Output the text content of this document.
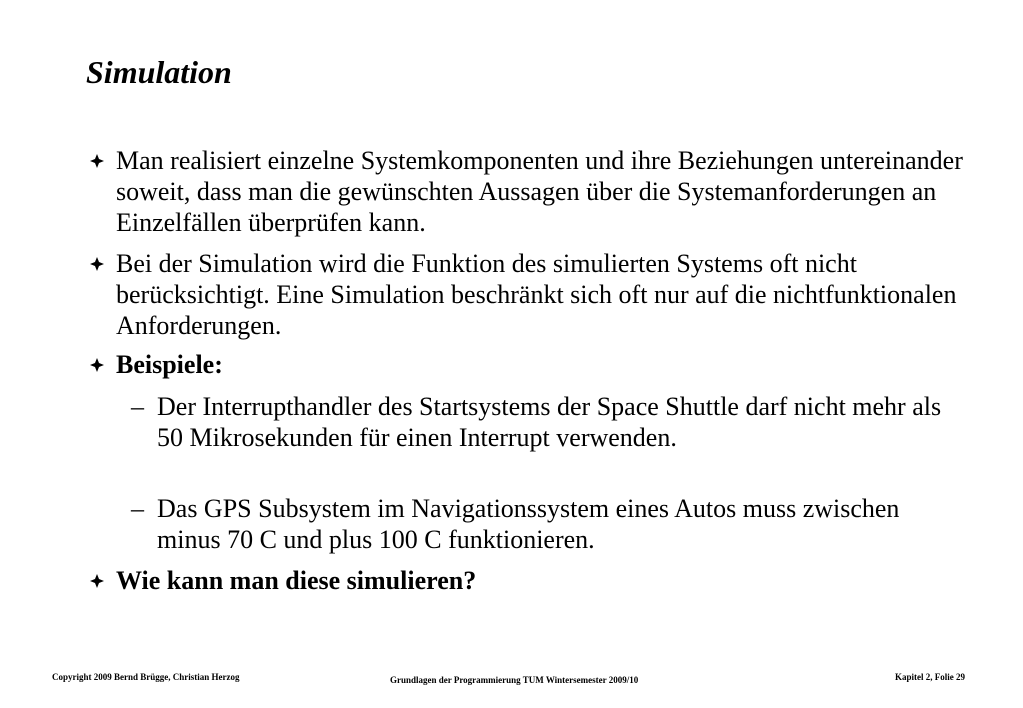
Simulation
Man realisiert einzelne Systemkomponenten und ihre Beziehungen untereinander soweit, dass man die gewünschten Aussagen über die Systemanforderungen an Einzelfällen überprüfen kann.
Bei der Simulation wird die Funktion des simulierten Systems oft nicht berücksichtigt. Eine Simulation beschränkt sich oft nur auf die nichtfunktionalen Anforderungen.
Beispiele:
– Der Interrupthandler des Startsystems der Space Shuttle darf nicht mehr als 50 Mikrosekunden für einen Interrupt verwenden.
– Das GPS Subsystem im Navigationssystem eines Autos muss zwischen minus 70 C und plus 100 C funktionieren.
Wie kann man diese simulieren?
Copyright 2009 Bernd Brügge, Christian Herzog	Grundlagen der Programmierung TUM Wintersemester 2009/10	Kapitel 2, Folie 29
